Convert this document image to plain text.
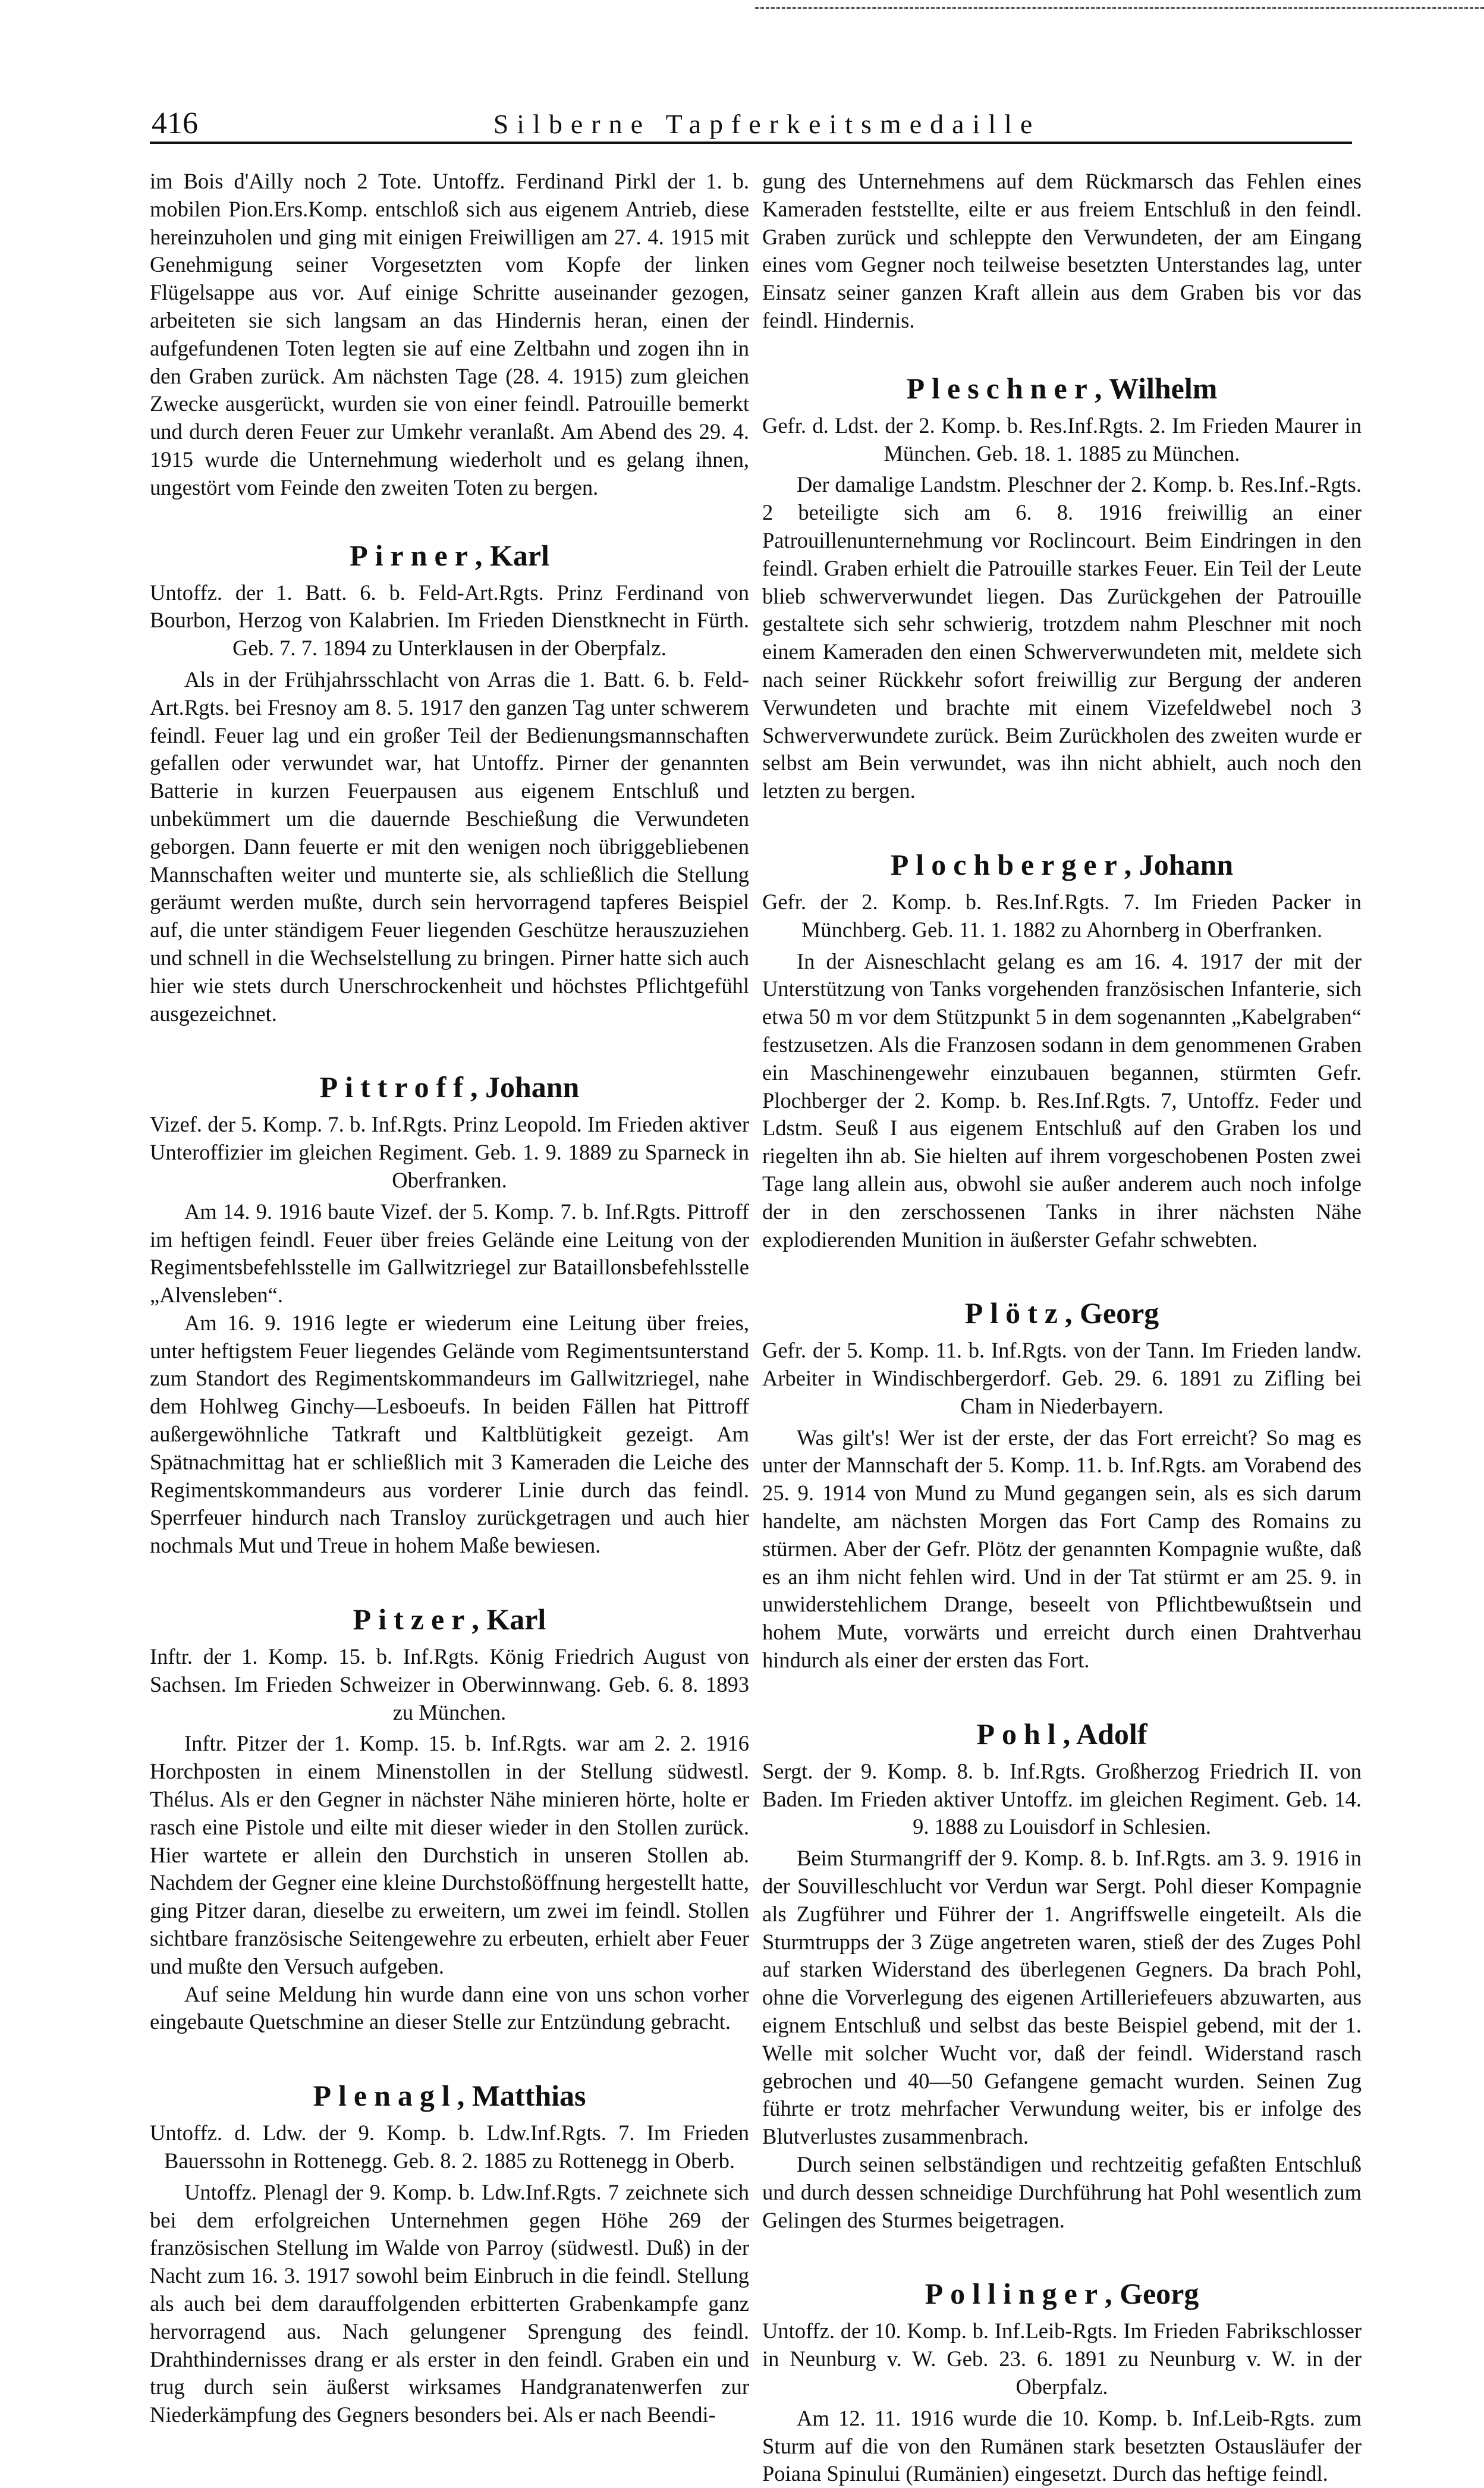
416	Silberne Tapferkeitsmedaille

im Bois d'Ailly noch 2 Tote. Untoffz. Ferdinand Pirkl der 1. b. mobilen Pion.Ers.Komp. entschloß sich aus eigenem Antrieb, diese hereinzuholen und ging mit einigen Freiwilligen am 27. 4. 1915 mit Genehmigung seiner Vorgesetzten vom Kopfe der linken Flügelsappe aus vor. Auf einige Schritte auseinander gezogen, arbeiteten sie sich langsam an das Hindernis heran, einen der aufgefundenen Toten legten sie auf eine Zeltbahn und zogen ihn in den Graben zurück. Am nächsten Tage (28. 4. 1915) zum gleichen Zwecke ausgerückt, wurden sie von einer feindl. Patrouille bemerkt und durch deren Feuer zur Umkehr veranlaßt. Am Abend des 29. 4. 1915 wurde die Unternehmung wiederholt und es gelang ihnen, ungestört vom Feinde den zweiten Toten zu bergen.

Pirner, Karl

Untoffz. der 1. Batt. 6. b. Feld-Art.Rgts. Prinz Ferdinand von Bourbon, Herzog von Kalabrien. Im Frieden Dienstknecht in Fürth. Geb. 7. 7. 1894 zu Unterklausen in der Oberpfalz.

Als in der Frühjahrsschlacht von Arras die 1. Batt. 6. b. Feld-Art.Rgts. bei Fresnoy am 8. 5. 1917 den ganzen Tag unter schwerem feindl. Feuer lag und ein großer Teil der Bedienungsmannschaften gefallen oder verwundet war, hat Untoffz. Pirner der genannten Batterie in kurzen Feuerpausen aus eigenem Entschluß und unbekümmert um die dauernde Beschießung die Verwundeten geborgen. Dann feuerte er mit den wenigen noch übriggebliebenen Mannschaften weiter und munterte sie, als schließlich die Stellung geräumt werden mußte, durch sein hervorragend tapferes Beispiel auf, die unter ständigem Feuer liegenden Geschütze herauszuziehen und schnell in die Wechselstellung zu bringen. Pirner hatte sich auch hier wie stets durch Unerschrockenheit und höchstes Pflichtgefühl ausgezeichnet.

Pittroff, Johann

Vizef. der 5. Komp. 7. b. Inf.Rgts. Prinz Leopold. Im Frieden aktiver Unteroffizier im gleichen Regiment. Geb. 1. 9. 1889 zu Sparneck in Oberfranken.

Am 14. 9. 1916 baute Vizef. der 5. Komp. 7. b. Inf.Rgts. Pittroff im heftigen feindl. Feuer über freies Gelände eine Leitung von der Regimentsbefehlsstelle im Gallwitzriegel zur Bataillonsbefehlsstelle „Alvensleben“.

Am 16. 9. 1916 legte er wiederum eine Leitung über freies, unter heftigstem Feuer liegendes Gelände vom Regimentsunterstand zum Standort des Regimentskommandeurs im Gallwitzriegel, nahe dem Hohlweg Ginchy—Lesboeufs. In beiden Fällen hat Pittroff außergewöhnliche Tatkraft und Kaltblütigkeit gezeigt. Am Spätnachmittag hat er schließlich mit 3 Kameraden die Leiche des Regimentskommandeurs aus vorderer Linie durch das feindl. Sperrfeuer hindurch nach Transloy zurückgetragen und auch hier nochmals Mut und Treue in hohem Maße bewiesen.

Pitzer, Karl

Inftr. der 1. Komp. 15. b. Inf.Rgts. König Friedrich August von Sachsen. Im Frieden Schweizer in Oberwinnwang. Geb. 6. 8. 1893 zu München.

Inftr. Pitzer der 1. Komp. 15. b. Inf.Rgts. war am 2. 2. 1916 Horchposten in einem Minenstollen in der Stellung südwestl. Thélus. Als er den Gegner in nächster Nähe minieren hörte, holte er rasch eine Pistole und eilte mit dieser wieder in den Stollen zurück. Hier wartete er allein den Durchstich in unseren Stollen ab. Nachdem der Gegner eine kleine Durchstoßöffnung hergestellt hatte, ging Pitzer daran, dieselbe zu erweitern, um zwei im feindl. Stollen sichtbare französische Seitengewehre zu erbeuten, erhielt aber Feuer und mußte den Versuch aufgeben.

Auf seine Meldung hin wurde dann eine von uns schon vorher eingebaute Quetschmine an dieser Stelle zur Entzündung gebracht.

Plenagl, Matthias

Untoffz. d. Ldw. der 9. Komp. b. Ldw.Inf.Rgts. 7. Im Frieden Bauerssohn in Rottenegg. Geb. 8. 2. 1885 zu Rottenegg in Oberb.

Untoffz. Plenagl der 9. Komp. b. Ldw.Inf.Rgts. 7 zeichnete sich bei dem erfolgreichen Unternehmen gegen Höhe 269 der französischen Stellung im Walde von Parroy (südwestl. Duß) in der Nacht zum 16. 3. 1917 sowohl beim Einbruch in die feindl. Stellung als auch bei dem darauffolgenden erbitterten Grabenkampfe ganz hervorragend aus. Nach gelungener Sprengung des feindl. Drahthindernisses drang er als erster in den feindl. Graben ein und trug durch sein äußerst wirksames Handgranatenwerfen zur Niederkämpfung des Gegners besonders bei. Als er nach Beendi-

gung des Unternehmens auf dem Rückmarsch das Fehlen eines Kameraden feststellte, eilte er aus freiem Entschluß in den feindl. Graben zurück und schleppte den Verwundeten, der am Eingang eines vom Gegner noch teilweise besetzten Unterstandes lag, unter Einsatz seiner ganzen Kraft allein aus dem Graben bis vor das feindl. Hindernis.

Pleschner, Wilhelm

Gefr. d. Ldst. der 2. Komp. b. Res.Inf.Rgts. 2. Im Frieden Maurer in München. Geb. 18. 1. 1885 zu München.

Der damalige Landstm. Pleschner der 2. Komp. b. Res.Inf.-Rgts. 2 beteiligte sich am 6. 8. 1916 freiwillig an einer Patrouillenunternehmung vor Roclincourt. Beim Eindringen in den feindl. Graben erhielt die Patrouille starkes Feuer. Ein Teil der Leute blieb schwerverwundet liegen. Das Zurückgehen der Patrouille gestaltete sich sehr schwierig, trotzdem nahm Pleschner mit noch einem Kameraden den einen Schwerverwundeten mit, meldete sich nach seiner Rückkehr sofort freiwillig zur Bergung der anderen Verwundeten und brachte mit einem Vizefeldwebel noch 3 Schwerverwundete zurück. Beim Zurückholen des zweiten wurde er selbst am Bein verwundet, was ihn nicht abhielt, auch noch den letzten zu bergen.

Plochberger, Johann

Gefr. der 2. Komp. b. Res.Inf.Rgts. 7. Im Frieden Packer in Münchberg. Geb. 11. 1. 1882 zu Ahornberg in Oberfranken.

In der Aisneschlacht gelang es am 16. 4. 1917 der mit der Unterstützung von Tanks vorgehenden französischen Infanterie, sich etwa 50 m vor dem Stützpunkt 5 in dem sogenannten „Kabelgraben“ festzusetzen. Als die Franzosen sodann in dem genommenen Graben ein Maschinengewehr einzubauen begannen, stürmten Gefr. Plochberger der 2. Komp. b. Res.Inf.Rgts. 7, Untoffz. Feder und Ldstm. Seuß I aus eigenem Entschluß auf den Graben los und riegelten ihn ab. Sie hielten auf ihrem vorgeschobenen Posten zwei Tage lang allein aus, obwohl sie außer anderem auch noch infolge der in den zerschossenen Tanks in ihrer nächsten Nähe explodierenden Munition in äußerster Gefahr schwebten.

Plötz, Georg

Gefr. der 5. Komp. 11. b. Inf.Rgts. von der Tann. Im Frieden landw. Arbeiter in Windischbergerdorf. Geb. 29. 6. 1891 zu Zifling bei Cham in Niederbayern.

Was gilt's! Wer ist der erste, der das Fort erreicht? So mag es unter der Mannschaft der 5. Komp. 11. b. Inf.Rgts. am Vorabend des 25. 9. 1914 von Mund zu Mund gegangen sein, als es sich darum handelte, am nächsten Morgen das Fort Camp des Romains zu stürmen. Aber der Gefr. Plötz der genannten Kompagnie wußte, daß es an ihm nicht fehlen wird. Und in der Tat stürmt er am 25. 9. in unwiderstehlichem Drange, beseelt von Pflichtbewußtsein und hohem Mute, vorwärts und erreicht durch einen Drahtverhau hindurch als einer der ersten das Fort.

Pohl, Adolf

Sergt. der 9. Komp. 8. b. Inf.Rgts. Großherzog Friedrich II. von Baden. Im Frieden aktiver Untoffz. im gleichen Regiment. Geb. 14. 9. 1888 zu Louisdorf in Schlesien.

Beim Sturmangriff der 9. Komp. 8. b. Inf.Rgts. am 3. 9. 1916 in der Souvilleschlucht vor Verdun war Sergt. Pohl dieser Kompagnie als Zugführer und Führer der 1. Angriffswelle eingeteilt. Als die Sturmtrupps der 3 Züge angetreten waren, stieß der des Zuges Pohl auf starken Widerstand des überlegenen Gegners. Da brach Pohl, ohne die Vorverlegung des eigenen Artilleriefeuers abzuwarten, aus eignem Entschluß und selbst das beste Beispiel gebend, mit der 1. Welle mit solcher Wucht vor, daß der feindl. Widerstand rasch gebrochen und 40—50 Gefangene gemacht wurden. Seinen Zug führte er trotz mehrfacher Verwundung weiter, bis er infolge des Blutverlustes zusammenbrach.

Durch seinen selbständigen und rechtzeitig gefaßten Entschluß und durch dessen schneidige Durchführung hat Pohl wesentlich zum Gelingen des Sturmes beigetragen.

Pollinger, Georg

Untoffz. der 10. Komp. b. Inf.Leib-Rgts. Im Frieden Fabrikschlosser in Neunburg v. W. Geb. 23. 6. 1891 zu Neunburg v. W. in der Oberpfalz.

Am 12. 11. 1916 wurde die 10. Komp. b. Inf.Leib-Rgts. zum Sturm auf die von den Rumänen stark besetzten Ostausläufer der Poiana Spinului (Rumänien) eingesetzt. Durch das heftige feindl.
